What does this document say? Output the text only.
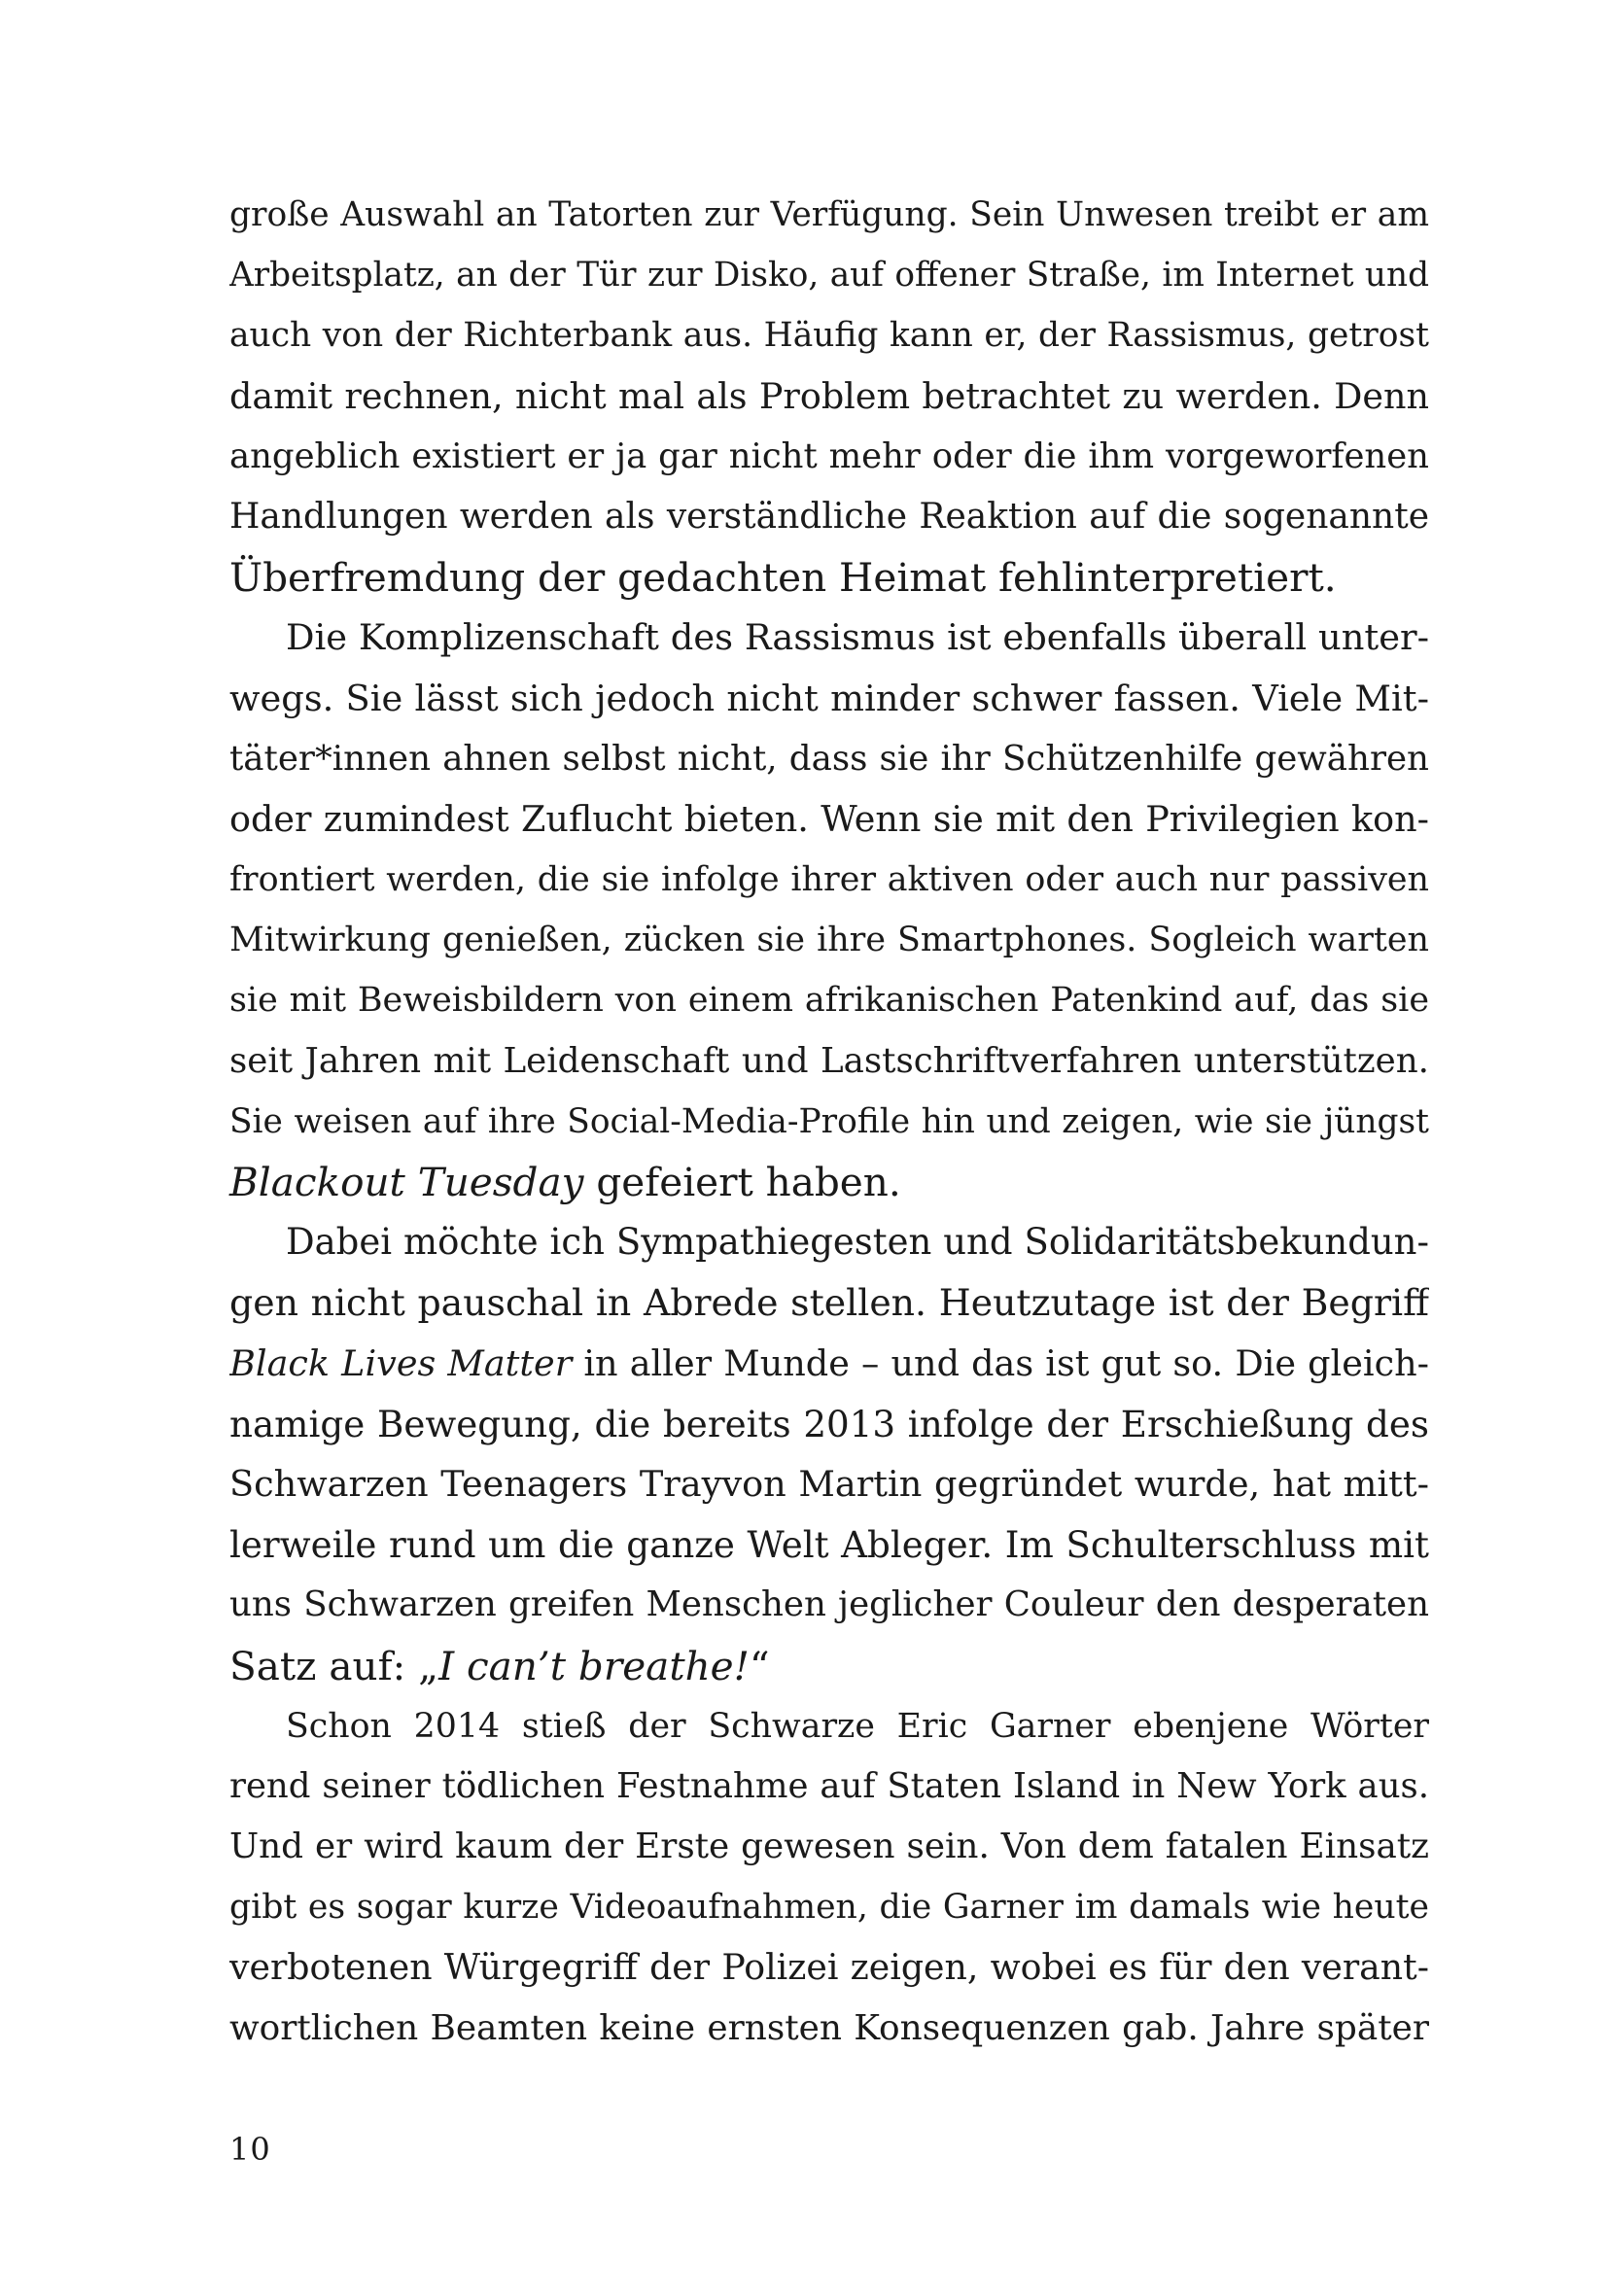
große Auswahl an Tatorten zur Verfügung. Sein Unwesen treibt er am
Arbeitsplatz, an der Tür zur Disko, auf offener Straße, im Internet und
auch von der Richterbank aus. Häufig kann er, der Rassismus, getrost
damit rechnen, nicht mal als Problem betrachtet zu werden. Denn
angeblich existiert er ja gar nicht mehr oder die ihm vorgeworfenen
Handlungen werden als verständliche Reaktion auf die sogenannte
Überfremdung der gedachten Heimat fehlinterpretiert.
Die Komplizenschaft des Rassismus ist ebenfalls überall unter-
wegs. Sie lässt sich jedoch nicht minder schwer fassen. Viele Mit-
täter*innen ahnen selbst nicht, dass sie ihr Schützenhilfe gewähren
oder zumindest Zuflucht bieten. Wenn sie mit den Privilegien kon-
frontiert werden, die sie infolge ihrer aktiven oder auch nur passiven
Mitwirkung genießen, zücken sie ihre Smartphones. Sogleich warten
sie mit Beweisbildern von einem afrikanischen Patenkind auf, das sie
seit Jahren mit Leidenschaft und Lastschriftverfahren unterstützen.
Sie weisen auf ihre Social-Media-Profile hin und zeigen, wie sie jüngst
Blackout Tuesday gefeiert haben.
Dabei möchte ich Sympathiegesten und Solidaritätsbekundun-
gen nicht pauschal in Abrede stellen. Heutzutage ist der Begriff
Black Lives Matter in aller Munde – und das ist gut so. Die gleich-
namige Bewegung, die bereits 2013 infolge der Erschießung des
Schwarzen Teenagers Trayvon Martin gegründet wurde, hat mitt-
lerweile rund um die ganze Welt Ableger. Im Schulterschluss mit
uns Schwarzen greifen Menschen jeglicher Couleur den desperaten
Satz auf: „I can’t breathe!“
Schon 2014 stieß der Schwarze Eric Garner ebenjene Wörter
rend seiner tödlichen Festnahme auf Staten Island in New York aus.
Und er wird kaum der Erste gewesen sein. Von dem fatalen Einsatz
gibt es sogar kurze Videoaufnahmen, die Garner im damals wie heute
verbotenen Würgegriff der Polizei zeigen, wobei es für den verant-
wortlichen Beamten keine ernsten Konsequenzen gab. Jahre später
10
